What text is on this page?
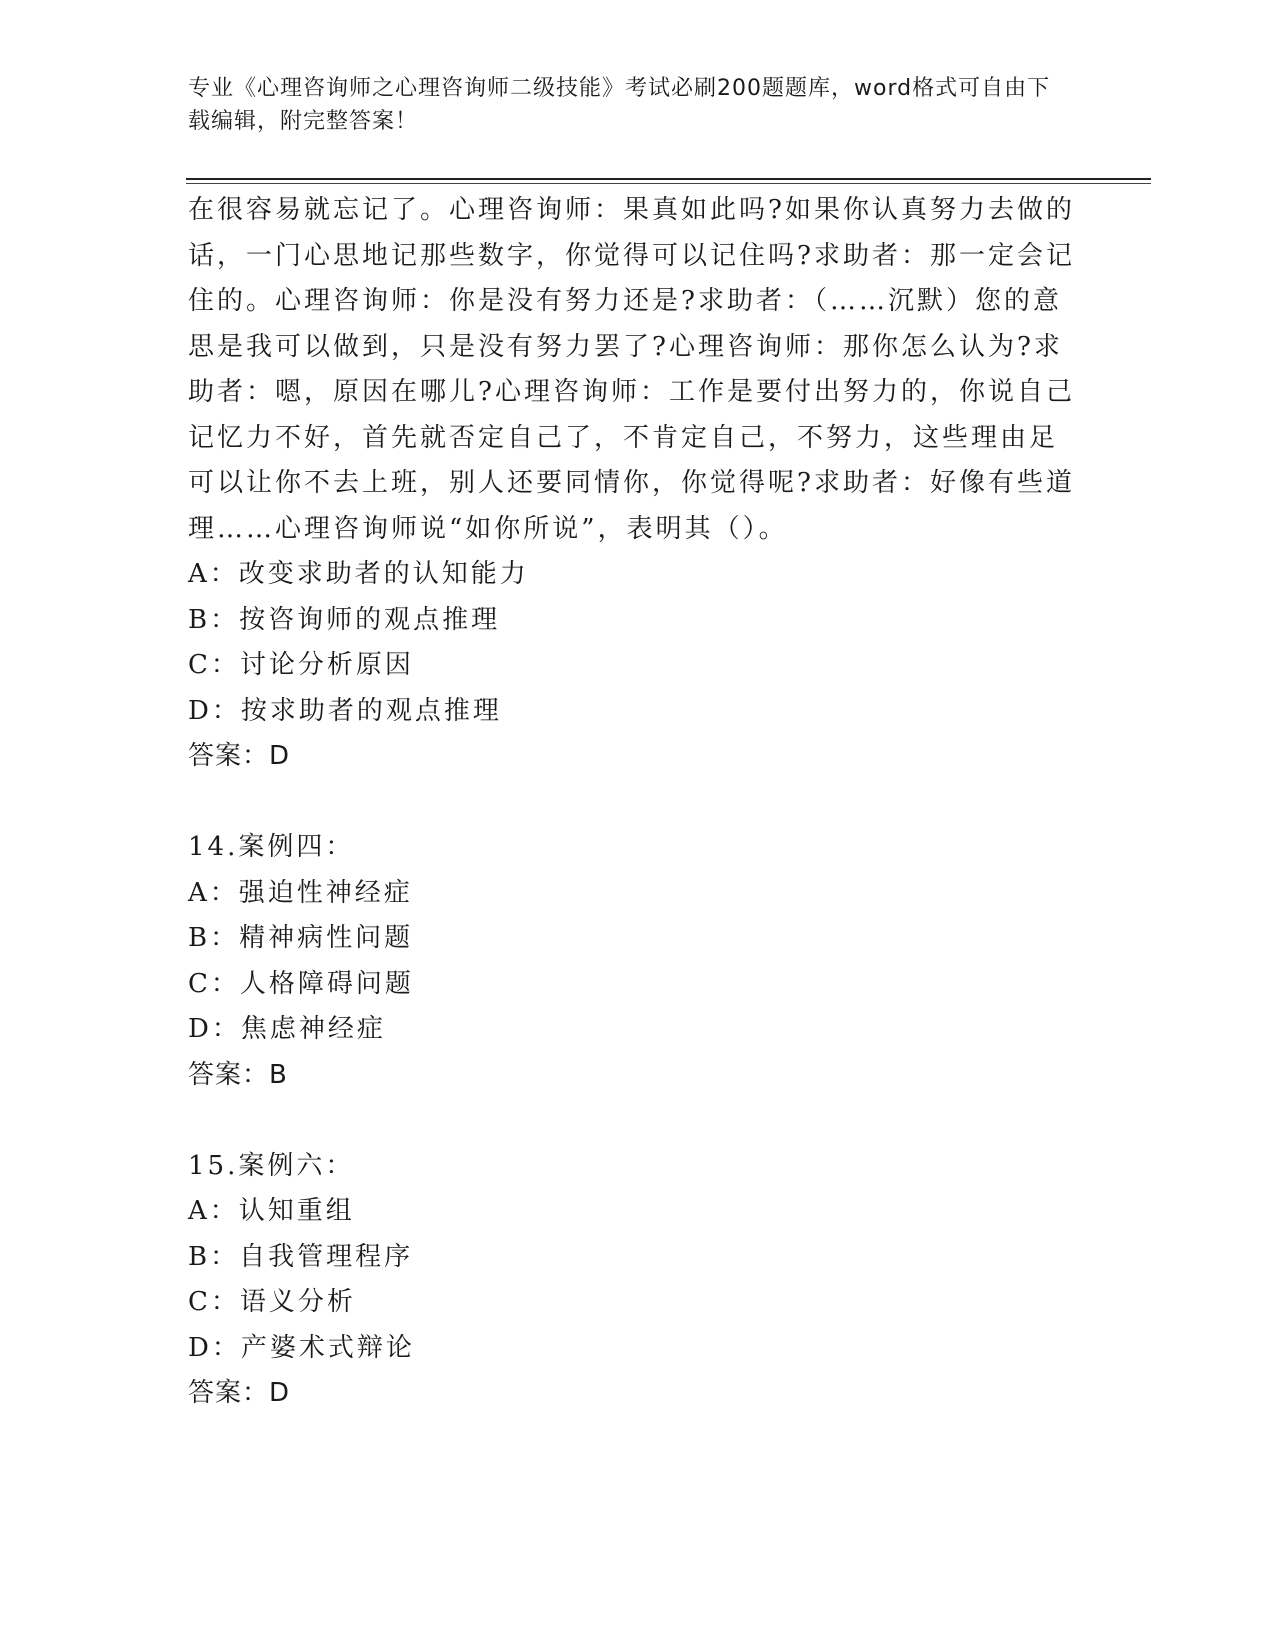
专业《心理咨询师之心理咨询师二级技能》考试必刷200题题库，word格式可自由下载编辑，附完整答案！

在很容易就忘记了。心理咨询师：果真如此吗?如果你认真努力去做的话，一门心思地记那些数字，你觉得可以记住吗?求助者：那一定会记住的。心理咨询师：你是没有努力还是?求助者：（……沉默）您的意思是我可以做到，只是没有努力罢了?心理咨询师：那你怎么认为?求助者：嗯，原因在哪儿?心理咨询师：工作是要付出努力的，你说自己记忆力不好，首先就否定自己了，不肯定自己，不努力，这些理由足可以让你不去上班，别人还要同情你，你觉得呢?求助者：好像有些道理……心理咨询师说“如你所说”，表明其（）。

A：改变求助者的认知能力

B：按咨询师的观点推理

C：讨论分析原因

D：按求助者的观点推理

答案：D

14.案例四：

A：强迫性神经症

B：精神病性问题

C：人格障碍问题

D：焦虑神经症

答案：B

15.案例六：

A：认知重组

B：自我管理程序

C：语义分析

D：产婆术式辩论

答案：D
